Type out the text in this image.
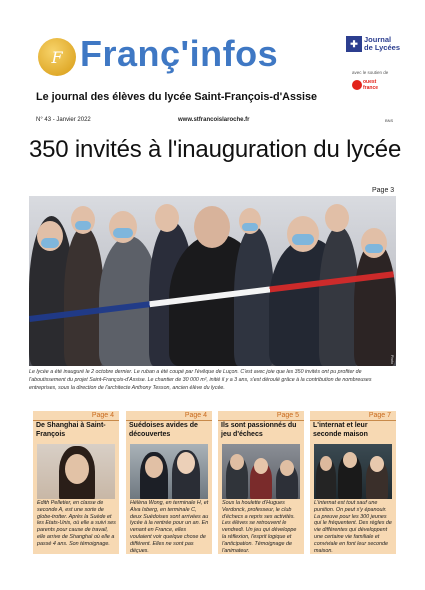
F Franç'infos
Le journal des élèves du lycée Saint-François-d'Assise
✚ Journal
de Lycées
avec le soutien de
ouest
france
N° 43 - Janvier 2022	www.stfrancoislaroche.fr	BNS
350 invités à l'inauguration du lycée
Page 3
Photo

Le lycée a été inauguré le 2 octobre dernier. Le ruban a été coupé par l'évêque de Luçon. C'est avec joie que les 350 invités ont pu profiter de l'aboutissement du projet Saint-François-d'Assise. Le chantier de 30 000 m², initié il y a 3 ans, s'est déroulé grâce à la contribution de nombreuses entreprises, sous la direction de l'architecte Anthony Tesson, ancien élève du lycée.

Page 4
De Shanghai à Saint-François
Edith Pelletier, en classe de seconde A, est une sorte de globe-trotter. Après la Suède et les Etats-Unis, où elle a suivi ses parents pour cause de travail, elle arrive de Shanghaï où elle a passé 4 ans. Son témoignage.
Page 4
Suédoises avides de découvertes
Hélèna Wong, en terminale H, et Alva Isberg, en terminale C, deux Suédoises sont arrivées au lycée à la rentrée pour un an. En venant en France, elles voulaient voir quelque chose de différent. Elles ne sont pas déçues.
Page 5
Ils sont passionnés du jeu d'échecs
Sous la houlette d'Hugues Verdonck, professeur, le club d'échecs a repris ses activités. Les élèves se retrouvent le vendredi. Un jeu qui développe la réflexion, l'esprit logique et l'anticipation. Témoignage de l'animateur.
Page 7
L'internat et leur seconde maison
L'internat est tout sauf une punition. On peut s'y épanouir. La preuve pour les 300 jeunes qui le fréquentent. Des règles de vie différentes qui développent une certaine vie familiale et conviviale en font leur seconde maison.
